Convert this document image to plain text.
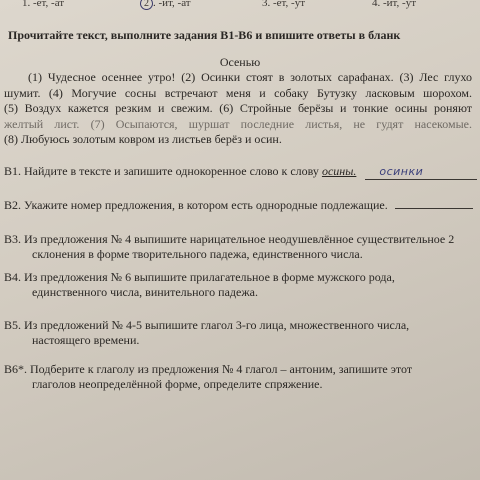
1. -ет, -ат	2 . -ит, -ат	3. -ет, -ут	4. -ит, -ут
Прочитайте текст, выполните задания В1-В6 и впишите ответы в бланк
Осенью
(1) Чудесное осеннее утро! (2) Осинки стоят в золотых сарафанах. (3) Лес глухо
шумит. (4) Могучие сосны встречают меня и собаку Бутузку ласковым шорохом.
(5) Воздух кажется резким и свежим. (6) Стройные берёзы и тонкие осины роняют
желтый лист. (7) Осыпаются, шуршат последние листья, не гудят насекомые.
(8) Любуюсь золотым ковром из листьев берёз и осин.
В1. Найдите в тексте и запишите однокоренное слово к слову осины. осинки
В2. Укажите номер предложения, в котором есть однородные подлежащие.
В3. Из предложения № 4 выпишите нарицательное неодушевлённое существительное 2
склонения в форме творительного падежа, единственного числа.
В4. Из предложения № 6 выпишите прилагательное в форме мужского рода,
единственного числа, винительного падежа.
В5. Из предложений № 4-5 выпишите глагол 3-го лица, множественного числа,
настоящего времени.
В6*. Подберите к глаголу из предложения № 4 глагол – антоним, запишите этот
глаголов неопределённой форме, определите спряжение.
